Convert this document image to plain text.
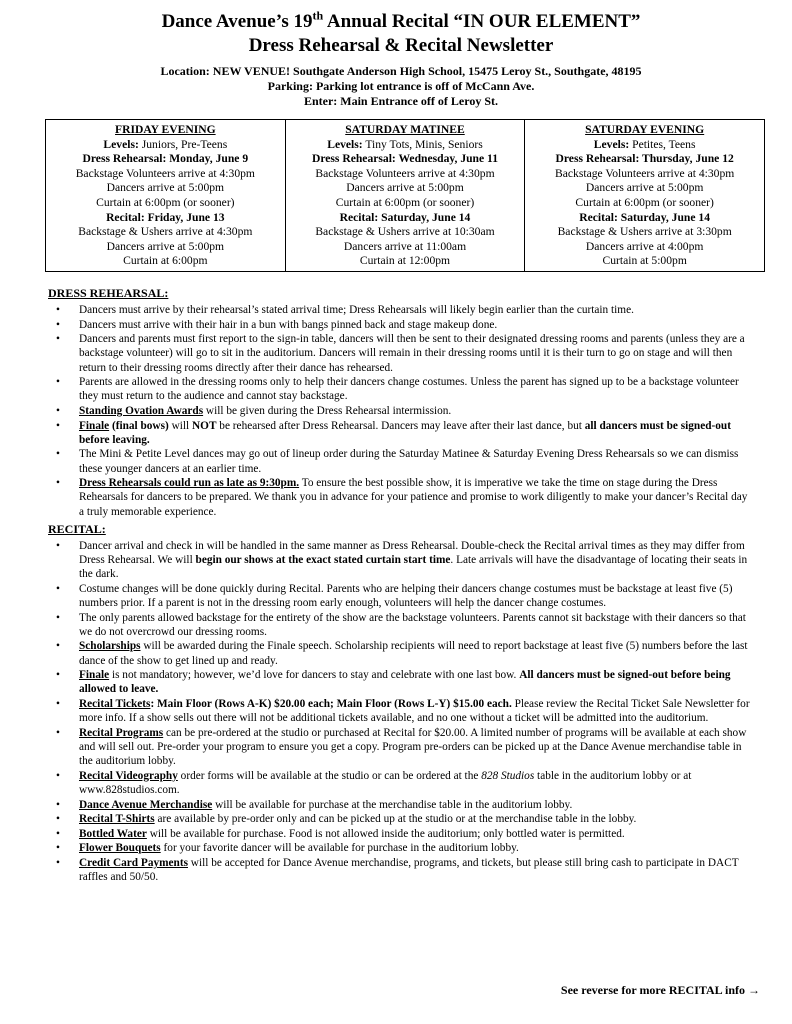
Dance Avenue’s 19th Annual Recital “IN OUR ELEMENT”
Dress Rehearsal & Recital Newsletter
Location: NEW VENUE! Southgate Anderson High School, 15475 Leroy St., Southgate, 48195
Parking: Parking lot entrance is off of McCann Ave.
Enter: Main Entrance off of Leroy St.
FRIDAY EVENING
Levels: Juniors, Pre-Teens
Dress Rehearsal: Monday, June 9
Backstage Volunteers arrive at 4:30pm
Dancers arrive at 5:00pm
Curtain at 6:00pm (or sooner)
Recital: Friday, June 13
Backstage & Ushers arrive at 4:30pm
Dancers arrive at 5:00pm
Curtain at 6:00pm

SATURDAY MATINEE
Levels: Tiny Tots, Minis, Seniors
Dress Rehearsal: Wednesday, June 11
Backstage Volunteers arrive at 4:30pm
Dancers arrive at 5:00pm
Curtain at 6:00pm (or sooner)
Recital: Saturday, June 14
Backstage & Ushers arrive at 10:30am
Dancers arrive at 11:00am
Curtain at 12:00pm

SATURDAY EVENING
Levels: Petites, Teens
Dress Rehearsal: Thursday, June 12
Backstage Volunteers arrive at 4:30pm
Dancers arrive at 5:00pm
Curtain at 6:00pm (or sooner)
Recital: Saturday, June 14
Backstage & Ushers arrive at 3:30pm
Dancers arrive at 4:00pm
Curtain at 5:00pm
DRESS REHEARSAL:
• Dancers must arrive by their rehearsal’s stated arrival time; Dress Rehearsals will likely begin earlier than the curtain time.
• Dancers must arrive with their hair in a bun with bangs pinned back and stage makeup done.
• Dancers and parents must first report to the sign-in table, dancers will then be sent to their designated dressing rooms and parents (unless they are a backstage volunteer) will go to sit in the auditorium. Dancers will remain in their dressing rooms until it is their turn to go on stage and will then return to their dressing rooms directly after their dance has rehearsed.
• Parents are allowed in the dressing rooms only to help their dancers change costumes. Unless the parent has signed up to be a backstage volunteer they must return to the audience and cannot stay backstage.
• Standing Ovation Awards will be given during the Dress Rehearsal intermission.
• Finale (final bows) will NOT be rehearsed after Dress Rehearsal. Dancers may leave after their last dance, but all dancers must be signed-out before leaving.
• The Mini & Petite Level dances may go out of lineup order during the Saturday Matinee & Saturday Evening Dress Rehearsals so we can dismiss these younger dancers at an earlier time.
• Dress Rehearsals could run as late as 9:30pm. To ensure the best possible show, it is imperative we take the time on stage during the Dress Rehearsals for dancers to be prepared. We thank you in advance for your patience and promise to work diligently to make your dancer’s Recital day a truly memorable experience.
RECITAL:
• Dancer arrival and check in will be handled in the same manner as Dress Rehearsal. Double-check the Recital arrival times as they may differ from Dress Rehearsal. We will begin our shows at the exact stated curtain start time. Late arrivals will have the disadvantage of locating their seats in the dark.
• Costume changes will be done quickly during Recital. Parents who are helping their dancers change costumes must be backstage at least five (5) numbers prior. If a parent is not in the dressing room early enough, volunteers will help the dancer change costumes.
• The only parents allowed backstage for the entirety of the show are the backstage volunteers. Parents cannot sit backstage with their dancers so that we do not overcrowd our dressing rooms.
• Scholarships will be awarded during the Finale speech. Scholarship recipients will need to report backstage at least five (5) numbers before the last dance of the show to get lined up and ready.
• Finale is not mandatory; however, we’d love for dancers to stay and celebrate with one last bow. All dancers must be signed-out before being allowed to leave.
• Recital Tickets: Main Floor (Rows A-K) $20.00 each; Main Floor (Rows L-Y) $15.00 each. Please review the Recital Ticket Sale Newsletter for more info. If a show sells out there will not be additional tickets available, and no one without a ticket will be admitted into the auditorium.
• Recital Programs can be pre-ordered at the studio or purchased at Recital for $20.00. A limited number of programs will be available at each show and will sell out. Pre-order your program to ensure you get a copy. Program pre-orders can be picked up at the Dance Avenue merchandise table in the auditorium lobby.
• Recital Videography order forms will be available at the studio or can be ordered at the 828 Studios table in the auditorium lobby or at www.828studios.com.
• Dance Avenue Merchandise will be available for purchase at the merchandise table in the auditorium lobby.
• Recital T-Shirts are available by pre-order only and can be picked up at the studio or at the merchandise table in the lobby.
• Bottled Water will be available for purchase. Food is not allowed inside the auditorium; only bottled water is permitted.
• Flower Bouquets for your favorite dancer will be available for purchase in the auditorium lobby.
• Credit Card Payments will be accepted for Dance Avenue merchandise, programs, and tickets, but please still bring cash to participate in DACT raffles and 50/50.
See reverse for more RECITAL info →
